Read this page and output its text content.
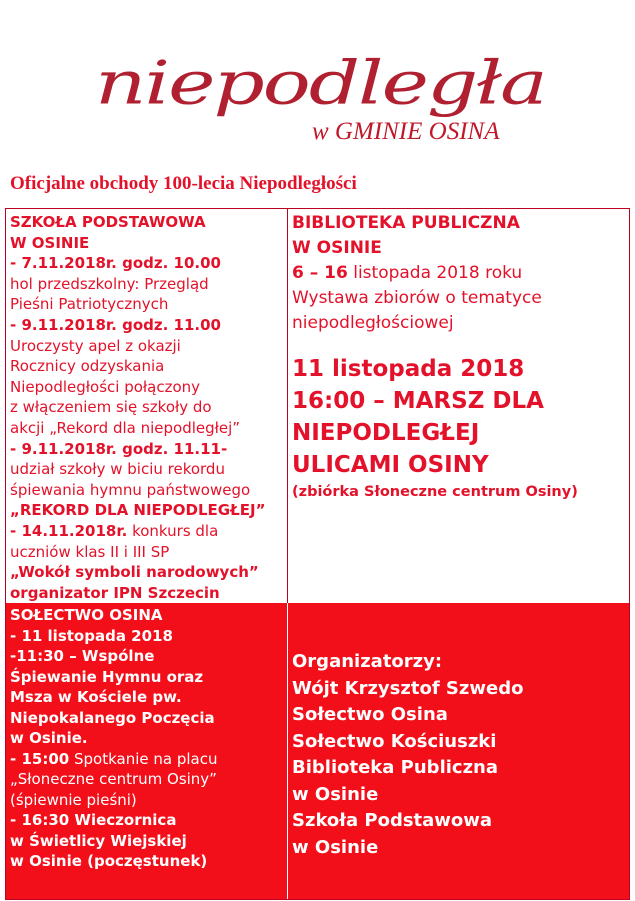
niepodległa
w GMINIE OSINA
Oficjalne obchody 100-lecia Niepodległości
SZKOŁA PODSTAWOWA
W OSINIE
- 7.11.2018r. godz. 10.00
hol przedszkolny: Przegląd
Pieśni Patriotycznych
- 9.11.2018r. godz. 11.00
Uroczysty apel z okazji
Rocznicy odzyskania
Niepodległości połączony
z włączeniem się szkoły do
akcji „Rekord dla niepodległej”
- 9.11.2018r. godz. 11.11-
udział szkoły w biciu rekordu
śpiewania hymnu państwowego
„REKORD DLA NIEPODLEGŁEJ”
- 14.11.2018r. konkurs dla
uczniów klas II i III SP
„Wokół symboli narodowych”
organizator IPN Szczecin
BIBLIOTEKA PUBLICZNA
W OSINIE
6 – 16 listopada 2018 roku
Wystawa zbiorów o tematyce
niepodległościowej
11 listopada 2018
16:00 – MARSZ DLA
NIEPODLEGŁEJ
ULICAMI OSINY
(zbiórka Słoneczne centrum Osiny)
SOŁECTWO OSINA
- 11 listopada 2018
-11:30 – Wspólne
Śpiewanie Hymnu oraz
Msza w Kościele pw.
Niepokalanego Poczęcia
w Osinie.
- 15:00 Spotkanie na placu
„Słoneczne centrum Osiny”
(śpiewnie pieśni)
- 16:30 Wieczornica
w Świetlicy Wiejskiej
w Osinie (poczęstunek)
Organizatorzy:
Wójt Krzysztof Szwedo
Sołectwo Osina
Sołectwo Kościuszki
Biblioteka Publiczna
w Osinie
Szkoła Podstawowa
w Osinie
